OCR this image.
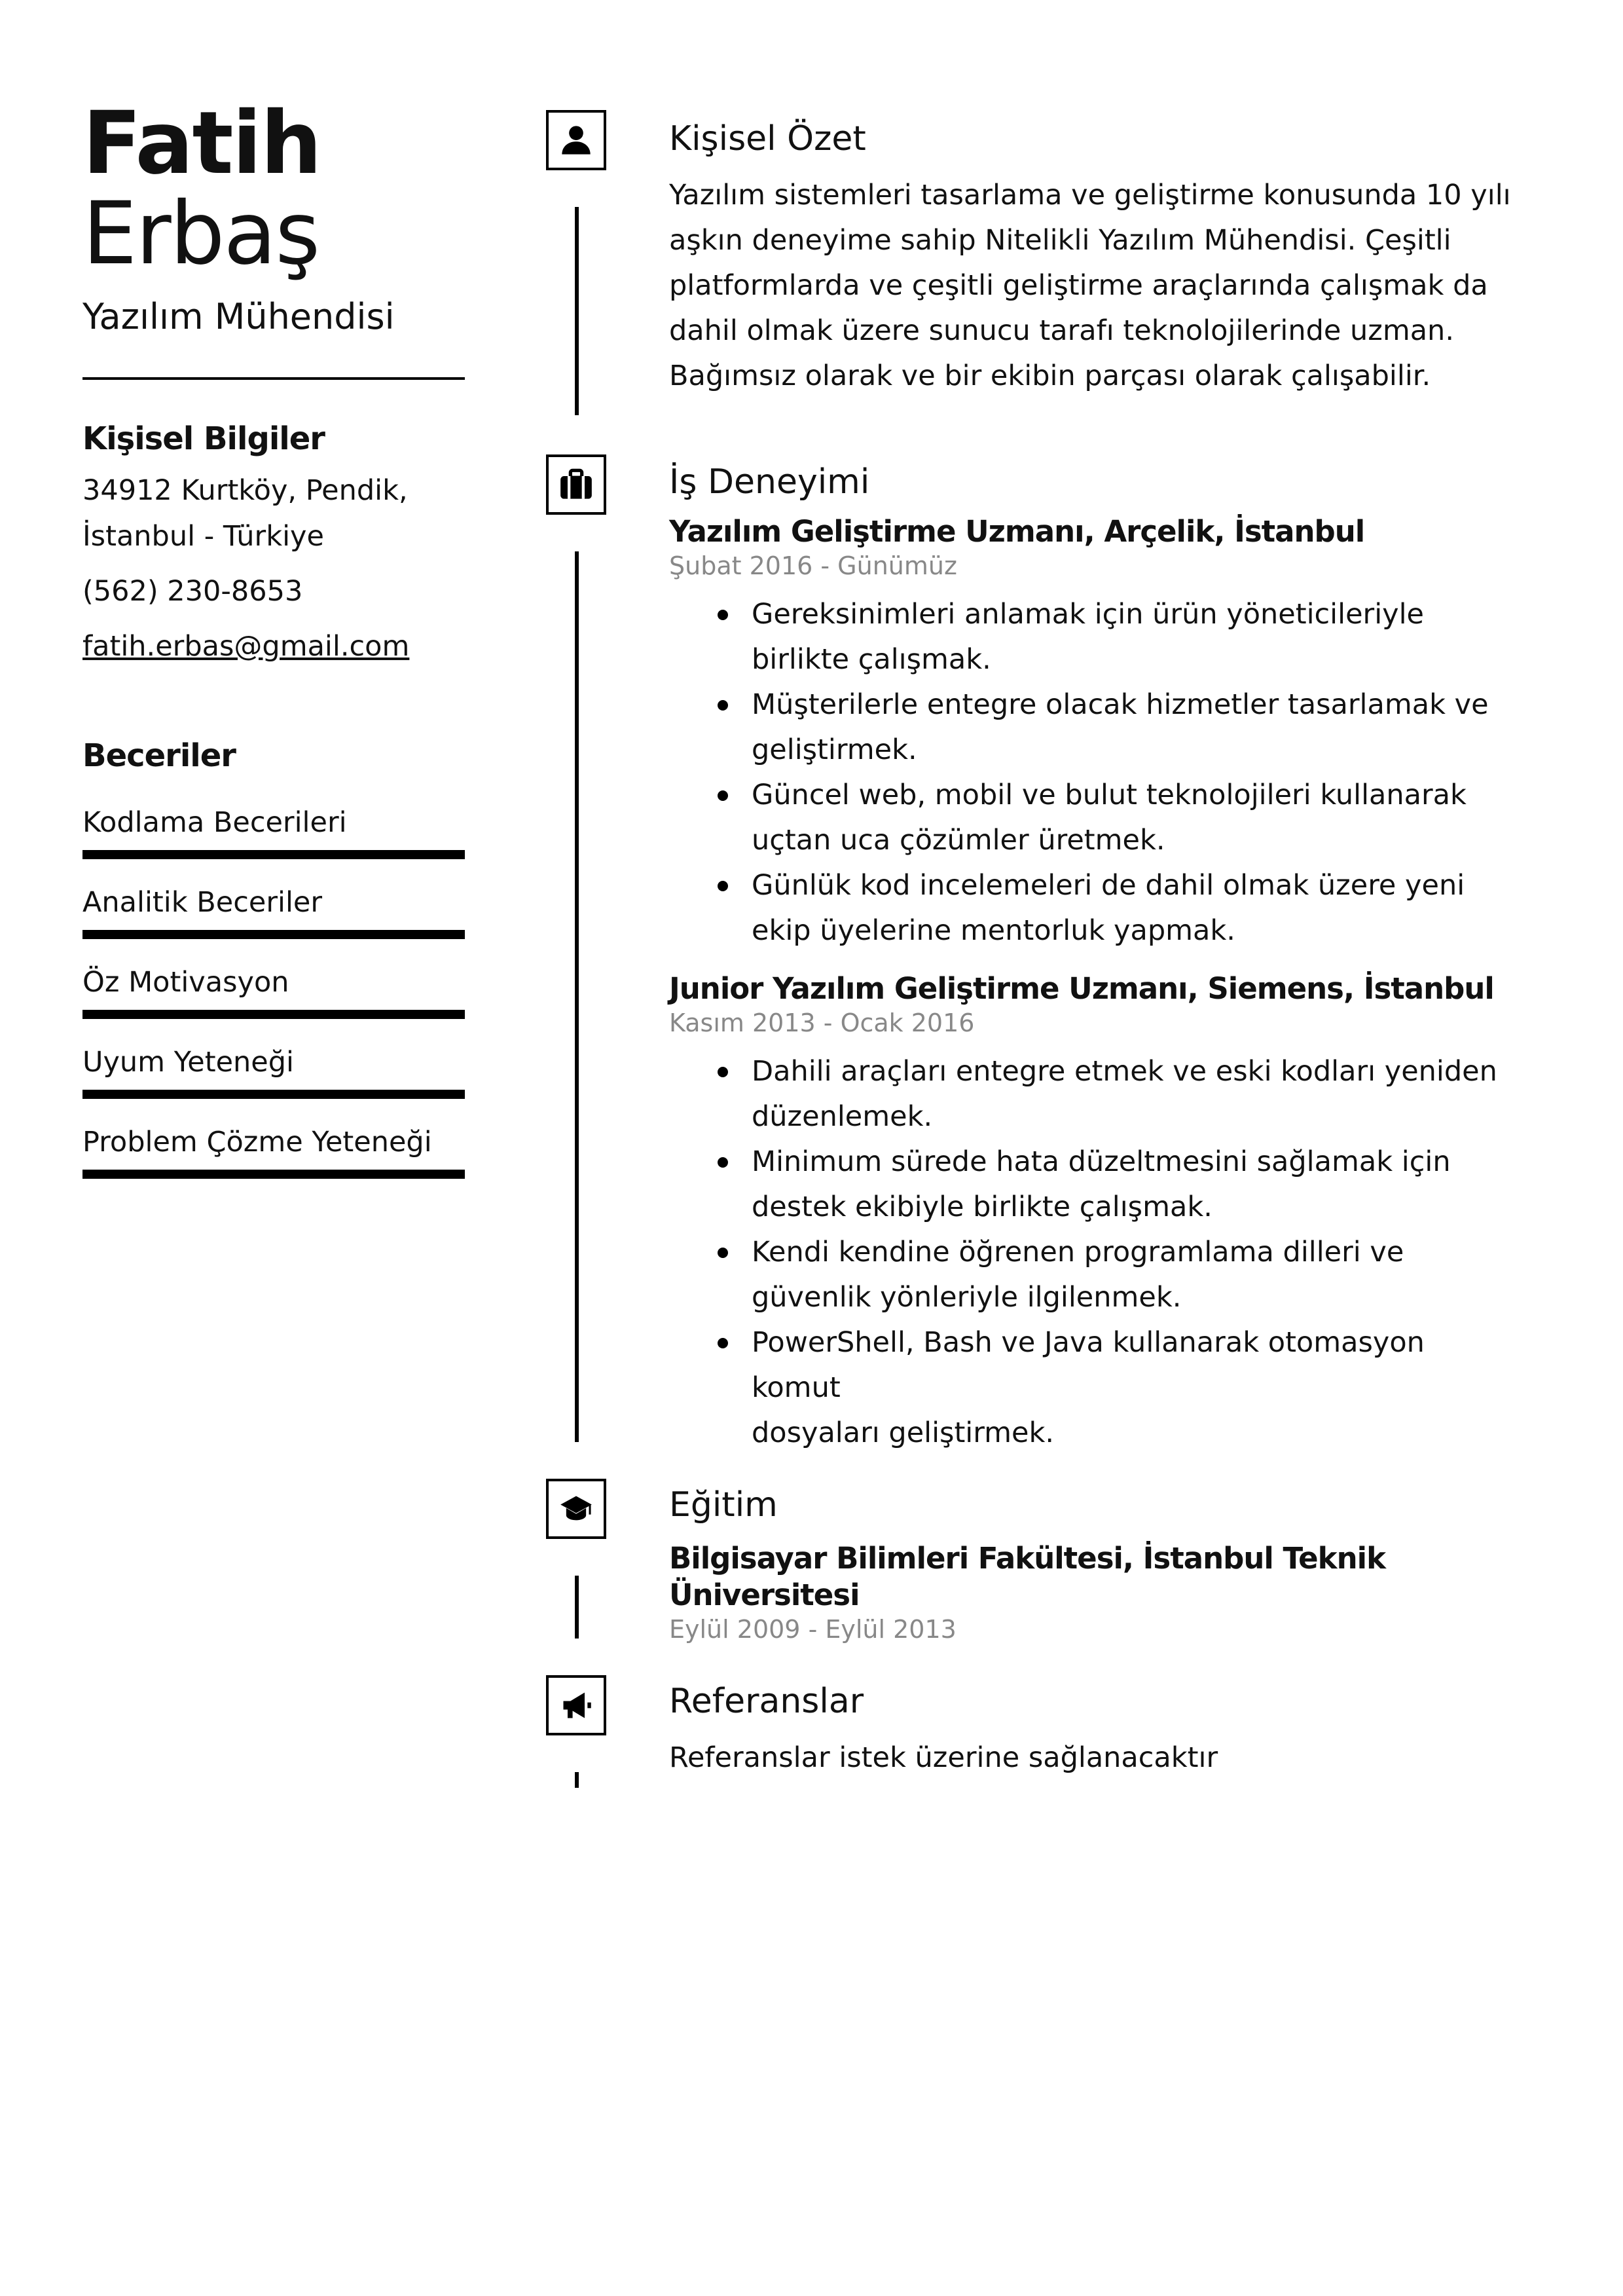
Fatih
Erbaş
Yazılım Mühendisi
Kişisel Bilgiler
34912 Kurtköy, Pendik,
İstanbul - Türkiye
(562) 230-8653
fatih.erbas@gmail.com
Beceriler
Kodlama Becerileri
Analitik Beceriler
Öz Motivasyon
Uyum Yeteneği
Problem Çözme Yeteneği
Kişisel Özet
Yazılım sistemleri tasarlama ve geliştirme konusunda 10 yılı
aşkın deneyime sahip Nitelikli Yazılım Mühendisi. Çeşitli
platformlarda ve çeşitli geliştirme araçlarında çalışmak da
dahil olmak üzere sunucu tarafı teknolojilerinde uzman.
Bağımsız olarak ve bir ekibin parçası olarak çalışabilir.
İş Deneyimi
Yazılım Geliştirme Uzmanı, Arçelik, İstanbul
Şubat 2016 - Günümüz
Gereksinimleri anlamak için ürün yöneticileriyle
birlikte çalışmak.
Müşterilerle entegre olacak hizmetler tasarlamak ve
geliştirmek.
Güncel web, mobil ve bulut teknolojileri kullanarak
uçtan uca çözümler üretmek.
Günlük kod incelemeleri de dahil olmak üzere yeni
ekip üyelerine mentorluk yapmak.
Junior Yazılım Geliştirme Uzmanı, Siemens, İstanbul
Kasım 2013 - Ocak 2016
Dahili araçları entegre etmek ve eski kodları yeniden
düzenlemek.
Minimum sürede hata düzeltmesini sağlamak için
destek ekibiyle birlikte çalışmak.
Kendi kendine öğrenen programlama dilleri ve
güvenlik yönleriyle ilgilenmek.
PowerShell, Bash ve Java kullanarak otomasyon komut
dosyaları geliştirmek.
Eğitim
Bilgisayar Bilimleri Fakültesi, İstanbul Teknik Üniversitesi
Eylül 2009 - Eylül 2013
Referanslar
Referanslar istek üzerine sağlanacaktır
